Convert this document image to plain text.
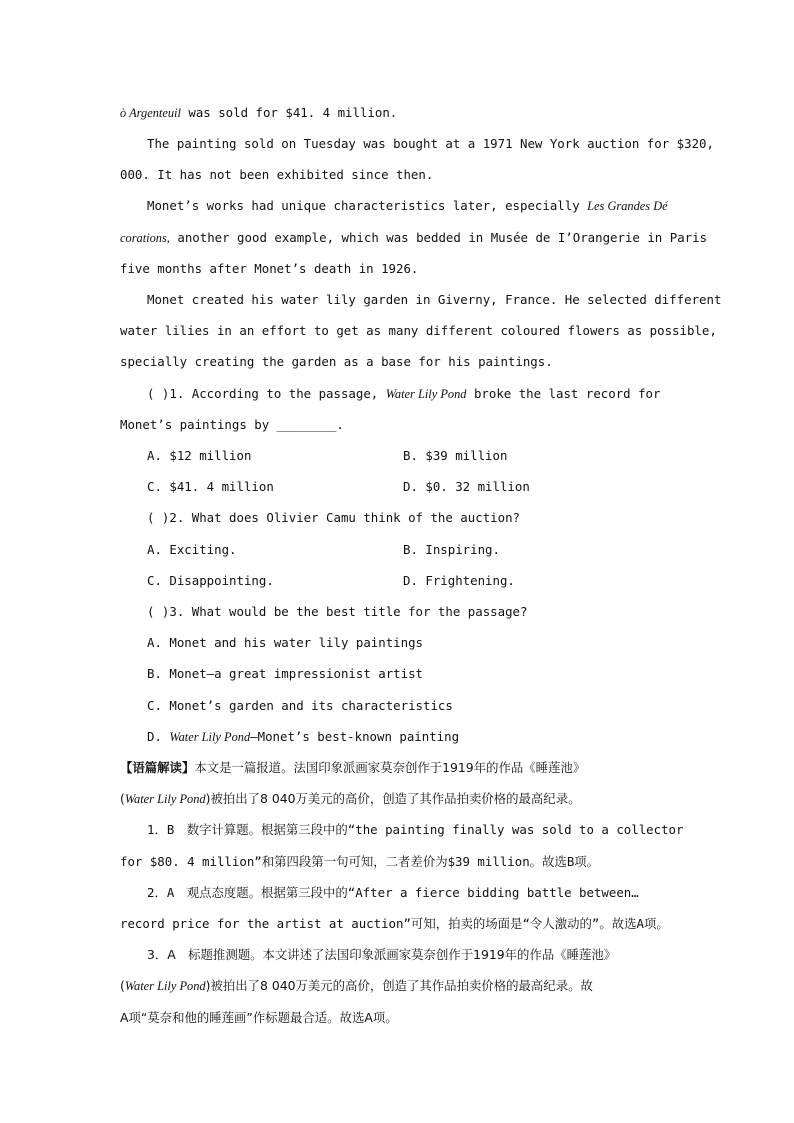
ò Argenteuil was sold for $41. 4 million.
The painting sold on Tuesday was bought at a 1971 New York auction for $320,
000. It has not been exhibited since then.
Monet’s works had unique characteristics later, especially Les Grandes Dé
corations, another good example, which was bedded in Musée de I’Orangerie in Paris
five months after Monet’s death in 1926.
Monet created his water lily garden in Giverny, France. He selected different
water lilies in an effort to get as many different coloured flowers as possible,
specially creating the garden as a base for his paintings.
( )1. According to the passage, Water Lily Pond broke the last record for
Monet’s paintings by ________.
A. $12 million	B. $39 million
C. $41. 4 million	D. $0. 32 million
( )2. What does Olivier Camu think of the auction?
A. Exciting.	B. Inspiring.
C. Disappointing.	D. Frightening.
( )3. What would be the best title for the passage?
A. Monet and his water lily paintings
B. Monet—a great impressionist artist
C. Monet’s garden and its characteristics
D. Water Lily Pond—Monet’s best-known painting
【语篇解读】本文是一篇报道。法国印象派画家莫奈创作于1919年的作品《睡莲池》
(Water Lily Pond)被拍出了8 040万美元的高价，创造了其作品拍卖价格的最高纪录。
1．B　数字计算题。根据第三段中的“the painting finally was sold to a collector
for $80. 4 million”和第四段第一句可知，二者差价为$39 million。故选B项。
2．A　观点态度题。根据第三段中的“After a fierce bidding battle between…
record price for the artist at auction”可知，拍卖的场面是“令人激动的”。故选A项。
3．A　标题推测题。本文讲述了法国印象派画家莫奈创作于1919年的作品《睡莲池》
(Water Lily Pond)被拍出了8 040万美元的高价，创造了其作品拍卖价格的最高纪录。故
A项“莫奈和他的睡莲画”作标题最合适。故选A项。
